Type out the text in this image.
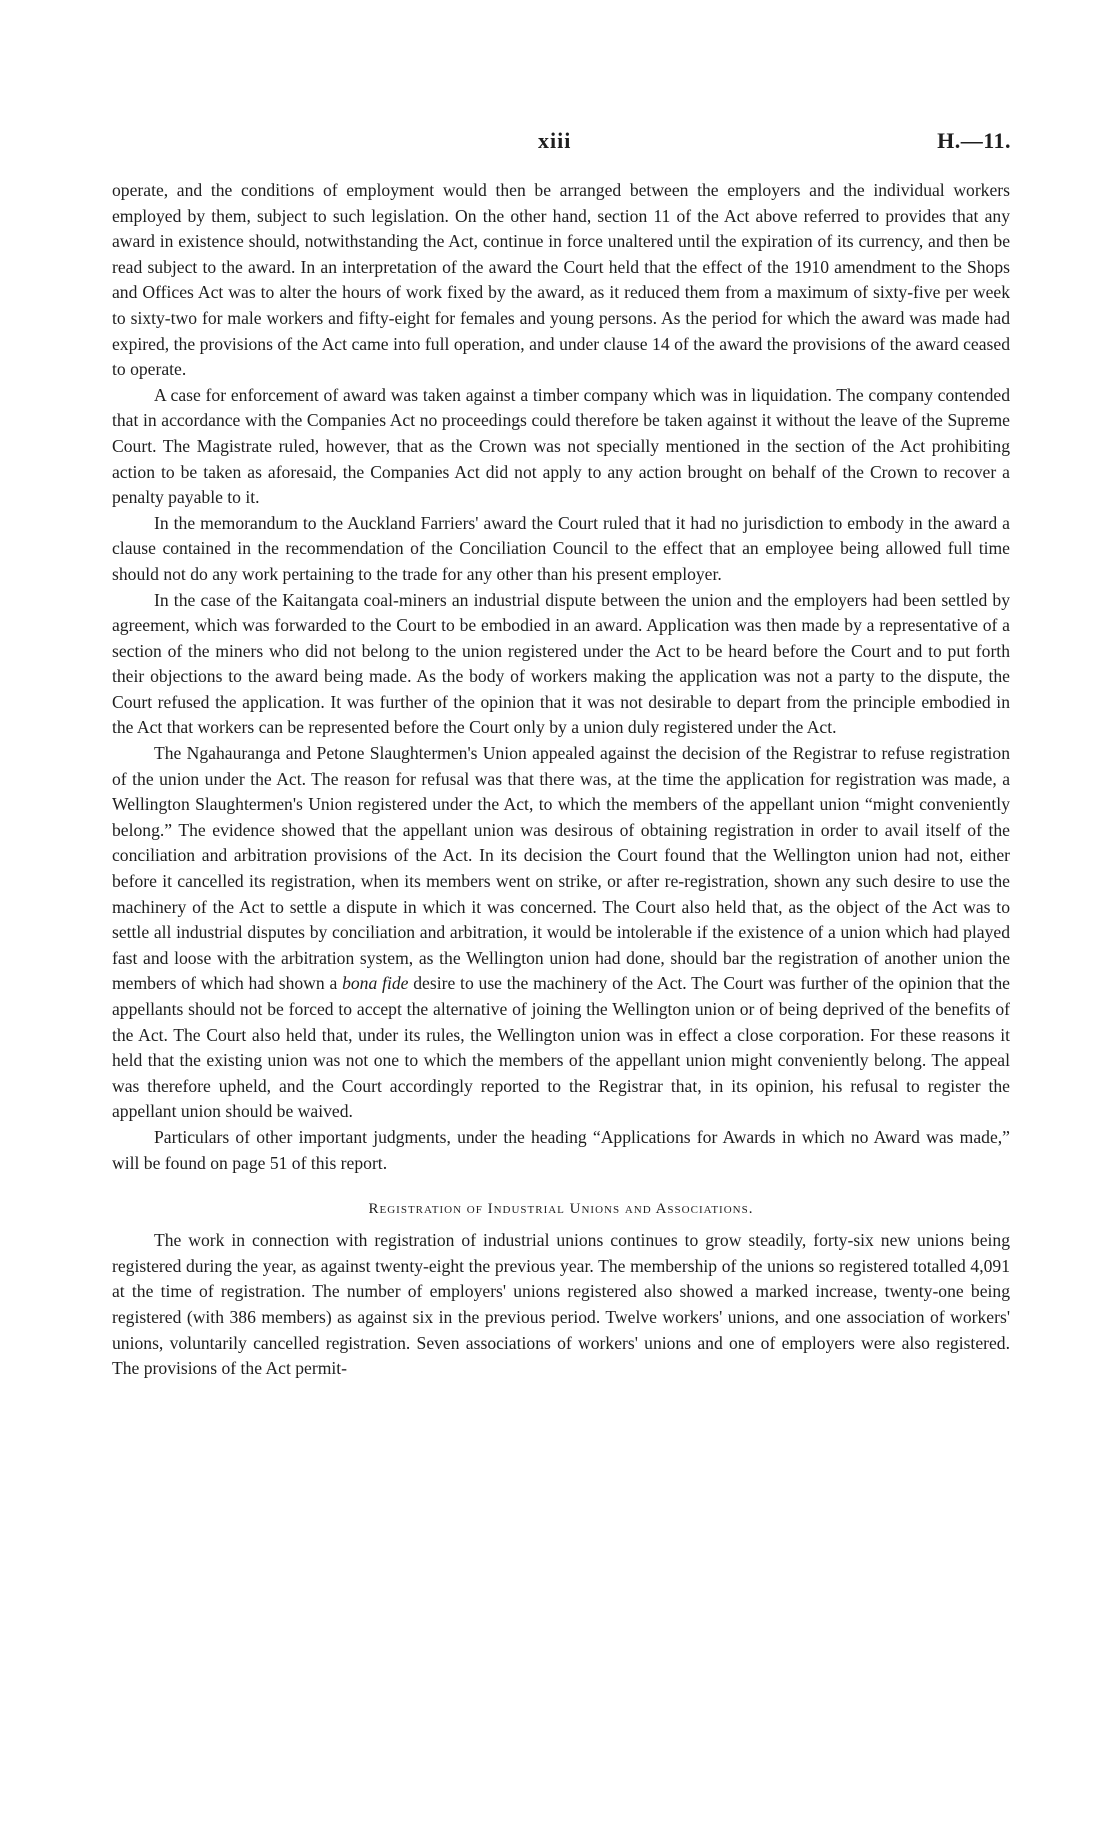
xiii	H.—11.

operate, and the conditions of employment would then be arranged between the employers and the individual workers employed by them, subject to such legislation. On the other hand, section 11 of the Act above referred to provides that any award in existence should, notwithstanding the Act, continue in force unaltered until the expiration of its currency, and then be read subject to the award. In an interpretation of the award the Court held that the effect of the 1910 amendment to the Shops and Offices Act was to alter the hours of work fixed by the award, as it reduced them from a maximum of sixty-five per week to sixty-two for male workers and fifty-eight for females and young persons. As the period for which the award was made had expired, the provisions of the Act came into full operation, and under clause 14 of the award the provisions of the award ceased to operate.

A case for enforcement of award was taken against a timber company which was in liquidation. The company contended that in accordance with the Companies Act no proceedings could therefore be taken against it without the leave of the Supreme Court. The Magistrate ruled, however, that as the Crown was not specially mentioned in the section of the Act prohibiting action to be taken as aforesaid, the Companies Act did not apply to any action brought on behalf of the Crown to recover a penalty payable to it.

In the memorandum to the Auckland Farriers' award the Court ruled that it had no jurisdiction to embody in the award a clause contained in the recommendation of the Conciliation Council to the effect that an employee being allowed full time should not do any work pertaining to the trade for any other than his present employer.

In the case of the Kaitangata coal-miners an industrial dispute between the union and the employers had been settled by agreement, which was forwarded to the Court to be embodied in an award. Application was then made by a representative of a section of the miners who did not belong to the union registered under the Act to be heard before the Court and to put forth their objections to the award being made. As the body of workers making the application was not a party to the dispute, the Court refused the application. It was further of the opinion that it was not desirable to depart from the principle embodied in the Act that workers can be represented before the Court only by a union duly registered under the Act.

The Ngahauranga and Petone Slaughtermen's Union appealed against the decision of the Registrar to refuse registration of the union under the Act. The reason for refusal was that there was, at the time the application for registration was made, a Wellington Slaughtermen's Union registered under the Act, to which the members of the appellant union “might conveniently belong.” The evidence showed that the appellant union was desirous of obtaining registration in order to avail itself of the conciliation and arbitration provisions of the Act. In its decision the Court found that the Wellington union had not, either before it cancelled its registration, when its members went on strike, or after re-registration, shown any such desire to use the machinery of the Act to settle a dispute in which it was concerned. The Court also held that, as the object of the Act was to settle all industrial disputes by conciliation and arbitration, it would be intolerable if the existence of a union which had played fast and loose with the arbitration system, as the Wellington union had done, should bar the registration of another union the members of which had shown a bona fide desire to use the machinery of the Act. The Court was further of the opinion that the appellants should not be forced to accept the alternative of joining the Wellington union or of being deprived of the benefits of the Act. The Court also held that, under its rules, the Wellington union was in effect a close corporation. For these reasons it held that the existing union was not one to which the members of the appellant union might conveniently belong. The appeal was therefore upheld, and the Court accordingly reported to the Registrar that, in its opinion, his refusal to register the appellant union should be waived.

Particulars of other important judgments, under the heading “Applications for Awards in which no Award was made,” will be found on page 51 of this report.

Registration of Industrial Unions and Associations.

The work in connection with registration of industrial unions continues to grow steadily, forty-six new unions being registered during the year, as against twenty-eight the previous year. The membership of the unions so registered totalled 4,091 at the time of registration. The number of employers' unions registered also showed a marked increase, twenty-one being registered (with 386 members) as against six in the previous period. Twelve workers' unions, and one association of workers' unions, voluntarily cancelled registration. Seven associations of workers' unions and one of employers were also registered. The provisions of the Act permit-
